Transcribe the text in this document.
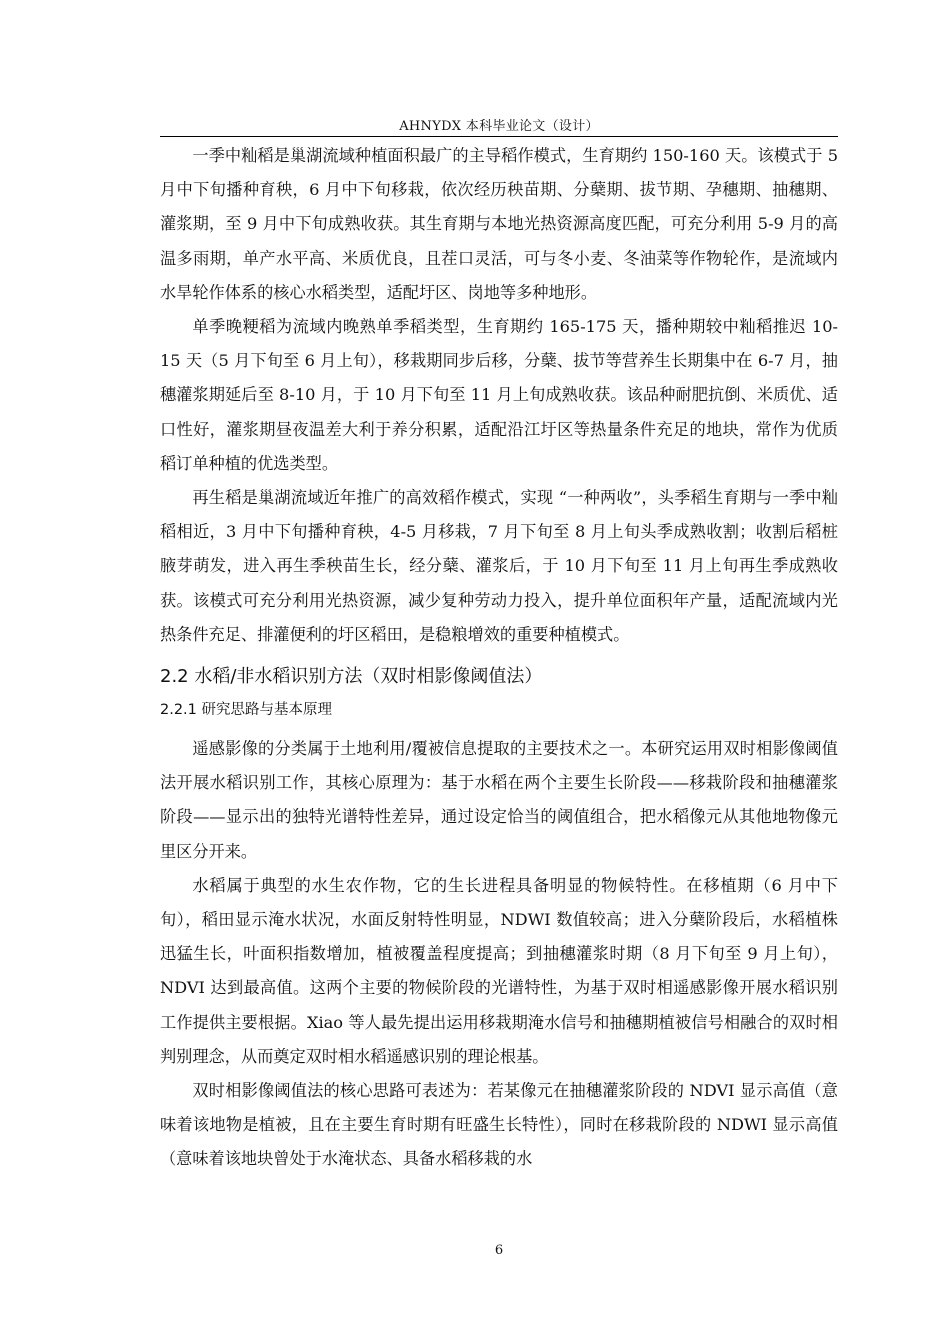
AHNYDX 本科毕业论文（设计）

一季中籼稻是巢湖流域种植面积最广的主导稻作模式，生育期约 150-160 天。该模式于 5 月中下旬播种育秧，6 月中下旬移栽，依次经历秧苗期、分蘖期、拔节期、孕穗期、抽穗期、灌浆期，至 9 月中下旬成熟收获。其生育期与本地光热资源高度匹配，可充分利用 5-9 月的高温多雨期，单产水平高、米质优良，且茬口灵活，可与冬小麦、冬油菜等作物轮作，是流域内水旱轮作体系的核心水稻类型，适配圩区、岗地等多种地形。

单季晚粳稻为流域内晚熟单季稻类型，生育期约 165-175 天，播种期较中籼稻推迟 10-15 天（5 月下旬至 6 月上旬），移栽期同步后移，分蘖、拔节等营养生长期集中在 6-7 月，抽穗灌浆期延后至 8-10 月，于 10 月下旬至 11 月上旬成熟收获。该品种耐肥抗倒、米质优、适口性好，灌浆期昼夜温差大利于养分积累，适配沿江圩区等热量条件充足的地块，常作为优质稻订单种植的优选类型。

再生稻是巢湖流域近年推广的高效稻作模式，实现 “一种两收”，头季稻生育期与一季中籼稻相近，3 月中下旬播种育秧，4-5 月移栽，7 月下旬至 8 月上旬头季成熟收割；收割后稻桩腋芽萌发，进入再生季秧苗生长，经分蘖、灌浆后，于 10 月下旬至 11 月上旬再生季成熟收获。该模式可充分利用光热资源，减少复种劳动力投入，提升单位面积年产量，适配流域内光热条件充足、排灌便利的圩区稻田，是稳粮增效的重要种植模式。

2.2 水稻/非水稻识别方法（双时相影像阈值法）
2.2.1 研究思路与基本原理

遥感影像的分类属于土地利用/覆被信息提取的主要技术之一。本研究运用双时相影像阈值法开展水稻识别工作，其核心原理为：基于水稻在两个主要生长阶段——移栽阶段和抽穗灌浆阶段——显示出的独特光谱特性差异，通过设定恰当的阈值组合，把水稻像元从其他地物像元里区分开来。

水稻属于典型的水生农作物，它的生长进程具备明显的物候特性。在移植期（6 月中下旬），稻田显示淹水状况，水面反射特性明显，NDWI 数值较高；进入分蘖阶段后，水稻植株迅猛生长，叶面积指数增加，植被覆盖程度提高；到抽穗灌浆时期（8 月下旬至 9 月上旬），NDVI 达到最高值。这两个主要的物候阶段的光谱特性，为基于双时相遥感影像开展水稻识别工作提供主要根据。Xiao 等人最先提出运用移栽期淹水信号和抽穗期植被信号相融合的双时相判别理念，从而奠定双时相水稻遥感识别的理论根基。

双时相影像阈值法的核心思路可表述为：若某像元在抽穗灌浆阶段的 NDVI 显示高值（意味着该地物是植被，且在主要生育时期有旺盛生长特性），同时在移栽阶段的 NDWI 显示高值（意味着该地块曾处于水淹状态、具备水稻移栽的水

6
